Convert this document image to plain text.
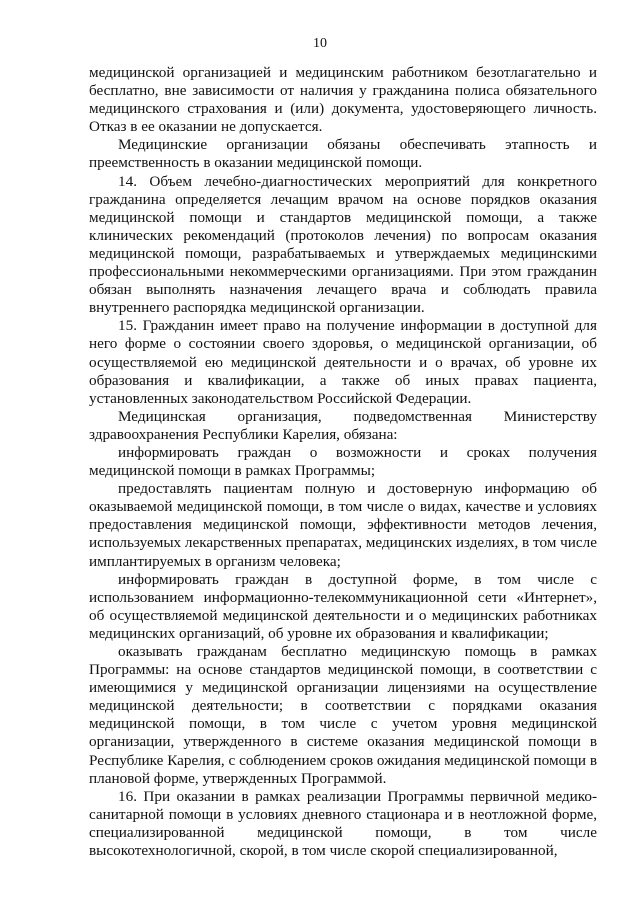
10

медицинской организацией и медицинским работником безотлагательно и бесплатно, вне зависимости от наличия у гражданина полиса обязательного медицинского страхования и (или) документа, удостоверяющего личность. Отказ в ее оказании не допускается.

Медицинские организации обязаны обеспечивать этапность и преемственность в оказании медицинской помощи.

14. Объем лечебно-диагностических мероприятий для конкретного гражданина определяется лечащим врачом на основе порядков оказания медицинской помощи и стандартов медицинской помощи, а также клинических рекомендаций (протоколов лечения) по вопросам оказания медицинской помощи, разрабатываемых и утверждаемых медицинскими профессиональными некоммерческими организациями. При этом гражданин обязан выполнять назначения лечащего врача и соблюдать правила внутреннего распорядка медицинской организации.

15. Гражданин имеет право на получение информации в доступной для него форме о состоянии своего здоровья, о медицинской организации, об осуществляемой ею медицинской деятельности и о врачах, об уровне их образования и квалификации, а также об иных правах пациента, установленных законодательством Российской Федерации.

Медицинская организация, подведомственная Министерству здравоохранения Республики Карелия, обязана:

информировать граждан о возможности и сроках получения медицинской помощи в рамках Программы;

предоставлять пациентам полную и достоверную информацию об оказываемой медицинской помощи, в том числе о видах, качестве и условиях предоставления медицинской помощи, эффективности методов лечения, используемых лекарственных препаратах, медицинских изделиях, в том числе имплантируемых в организм человека;

информировать граждан в доступной форме, в том числе с использованием информационно-телекоммуникационной сети «Интернет», об осуществляемой медицинской деятельности и о медицинских работниках медицинских организаций, об уровне их образования и квалификации;

оказывать гражданам бесплатно медицинскую помощь в рамках Программы: на основе стандартов медицинской помощи, в соответствии с имеющимися у медицинской организации лицензиями на осуществление медицинской деятельности; в соответствии с порядками оказания медицинской помощи, в том числе с учетом уровня медицинской организации, утвержденного в системе оказания медицинской помощи в Республике Карелия, с соблюдением сроков ожидания медицинской помощи в плановой форме, утвержденных Программой.

16. При оказании в рамках реализации Программы первичной медико-санитарной помощи в условиях дневного стационара и в неотложной форме, специализированной медицинской помощи, в том числе высокотехнологичной, скорой, в том числе скорой специализированной,
